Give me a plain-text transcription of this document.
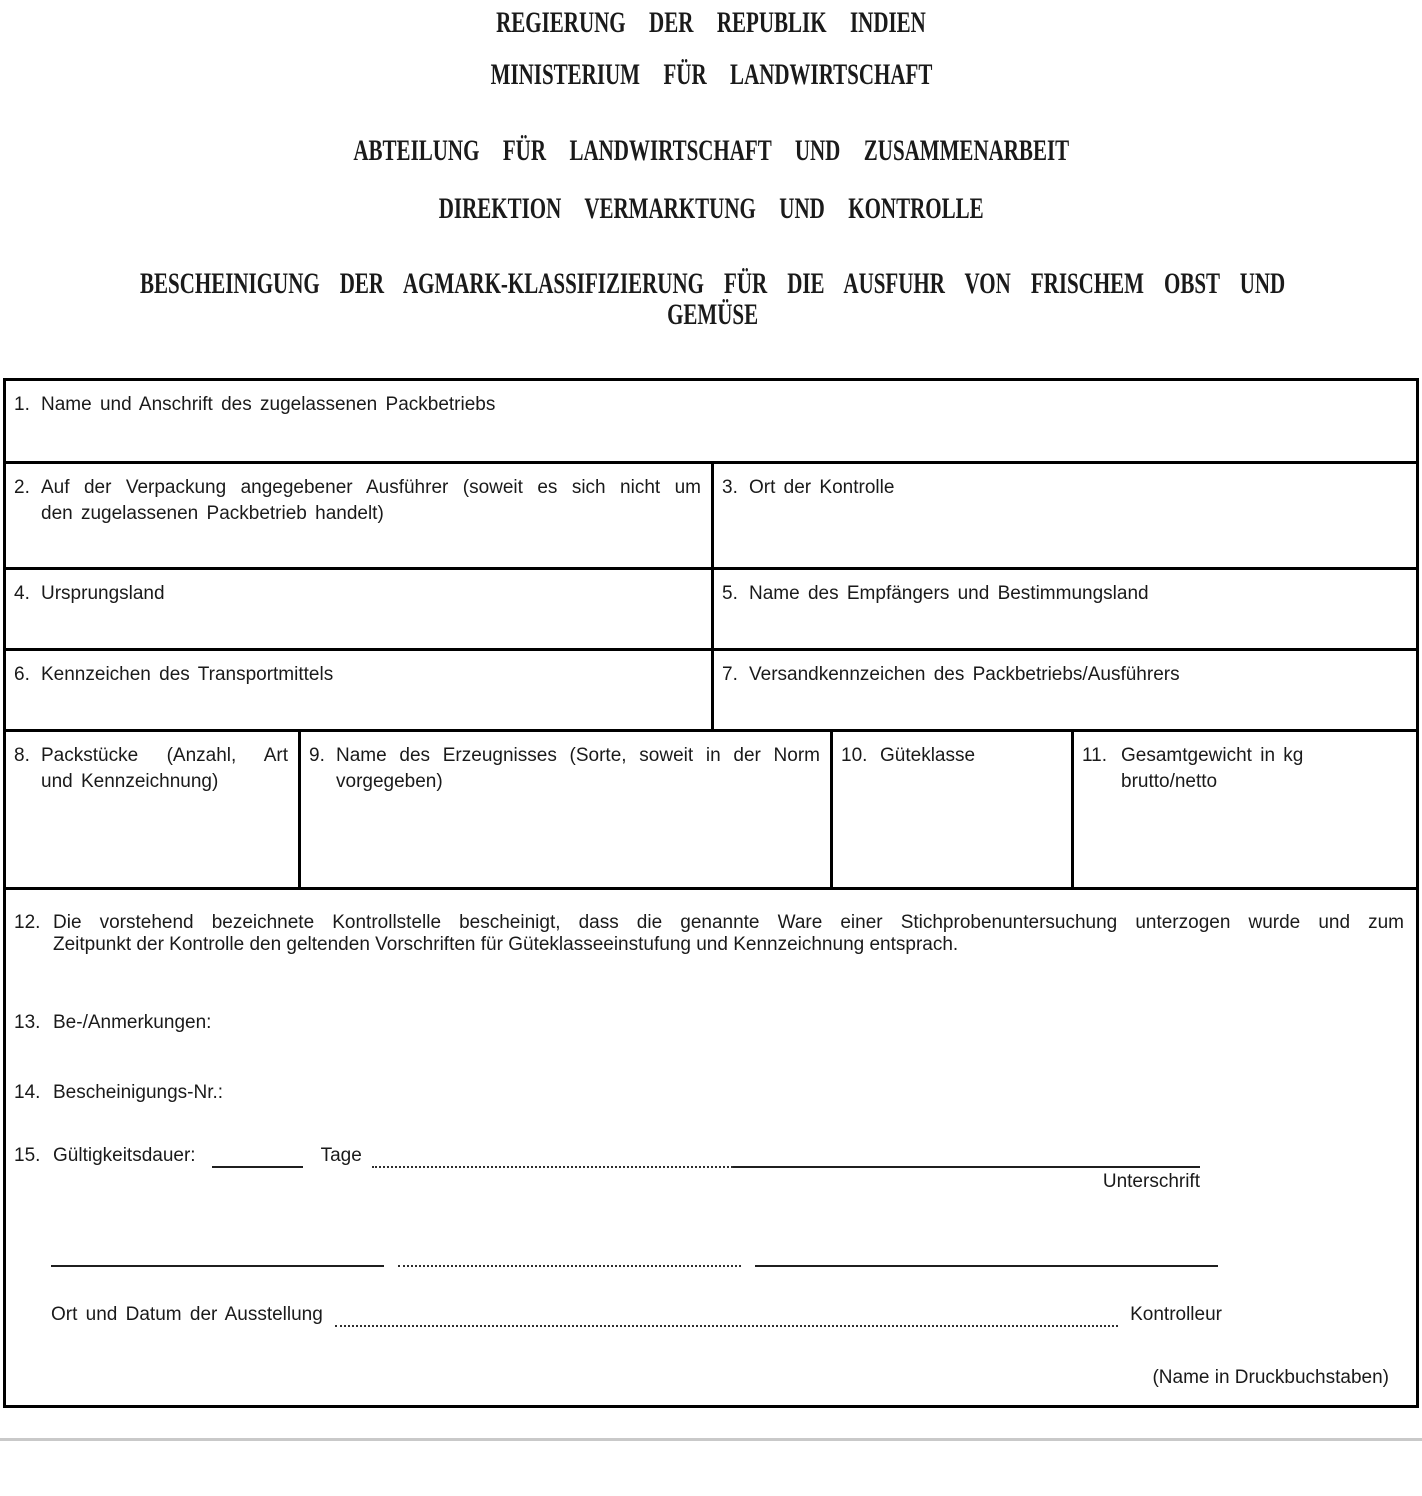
REGIERUNG DER REPUBLIK INDIEN
MINISTERIUM FÜR LANDWIRTSCHAFT
ABTEILUNG FÜR LANDWIRTSCHAFT UND ZUSAMMENARBEIT
DIREKTION VERMARKTUNG UND KONTROLLE
BESCHEINIGUNG DER AGMARK-KLASSIFIZIERUNG FÜR DIE AUSFUHR VON FRISCHEM OBST UND
GEMÜSE
1. Name und Anschrift des zugelassenen Packbetriebs
2. Auf der Verpackung angegebener Ausführer (soweit es sich nicht um
den zugelassenen Packbetrieb handelt)
3. Ort der Kontrolle
4. Ursprungsland	5. Name des Empfängers und Bestimmungsland
6. Kennzeichen des Transportmittels	7. Versandkennzeichen des Packbetriebs/Ausführers
8. Packstücke (Anzahl, Art
und Kennzeichnung)
9. Name des Erzeugnisses (Sorte, soweit in der Norm
vorgegeben)
10. Güteklasse	11. Gesamtgewicht in kg
brutto/netto
12. Die vorstehend bezeichnete Kontrollstelle bescheinigt, dass die genannte Ware einer Stichprobenuntersuchung unterzogen wurde und zum
Zeitpunkt der Kontrolle den geltenden Vorschriften für Güteklasseeinstufung und Kennzeichnung entsprach.
13. Be-/Anmerkungen:
14. Bescheinigungs-Nr.:
15. Gültigkeitsdauer:	Tage
Unterschrift
Ort und Datum der Ausstellung	Kontrolleur
(Name in Druckbuchstaben)
